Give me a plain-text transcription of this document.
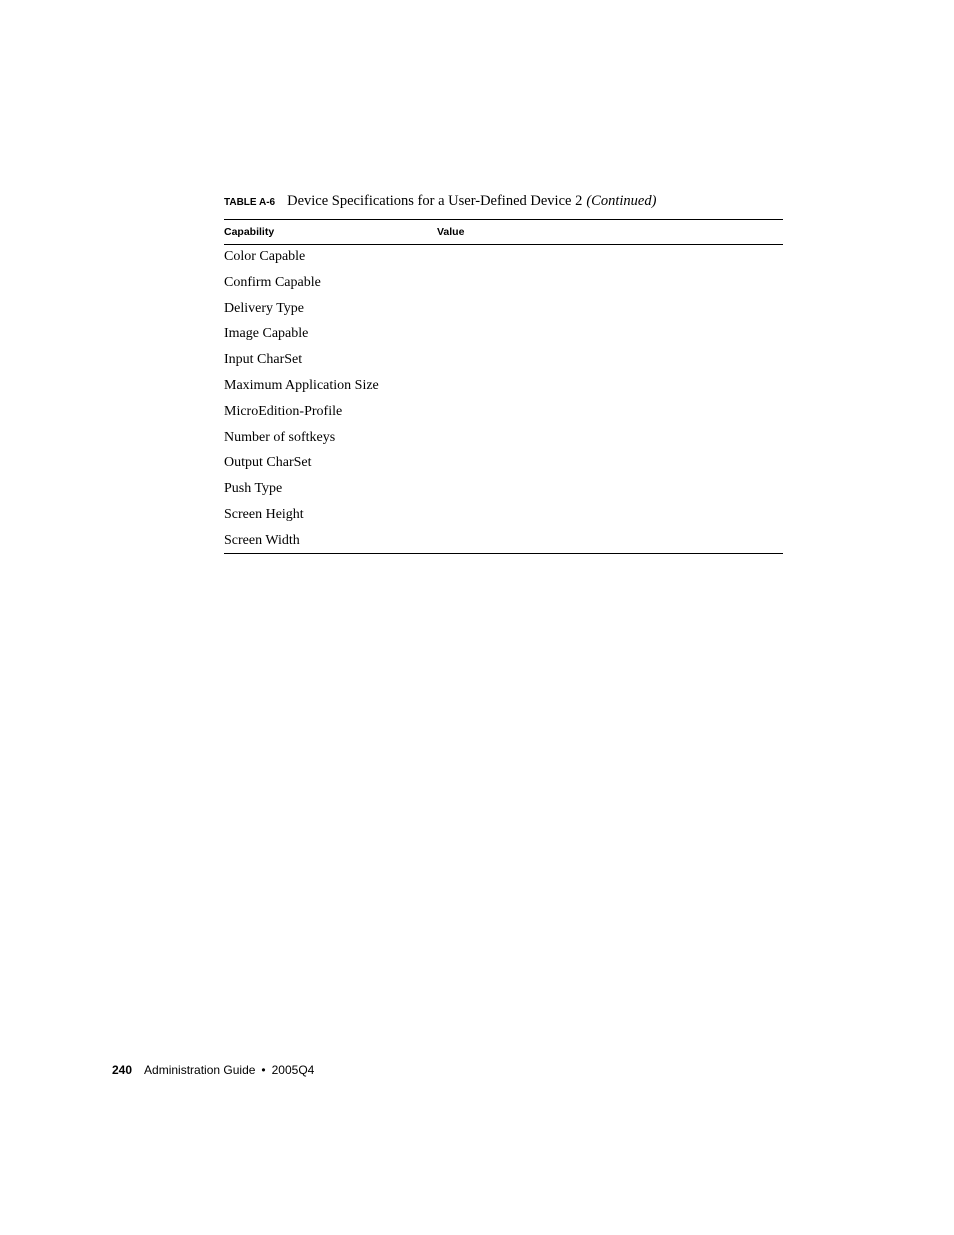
TABLE A-6 Device Specifications for a User-Defined Device 2 (Continued)
Capability	Value
Color Capable
Confirm Capable
Delivery Type
Image Capable
Input CharSet
Maximum Application Size
MicroEdition-Profile
Number of softkeys
Output CharSet
Push Type
Screen Height
Screen Width
240 Administration Guide • 2005Q4
